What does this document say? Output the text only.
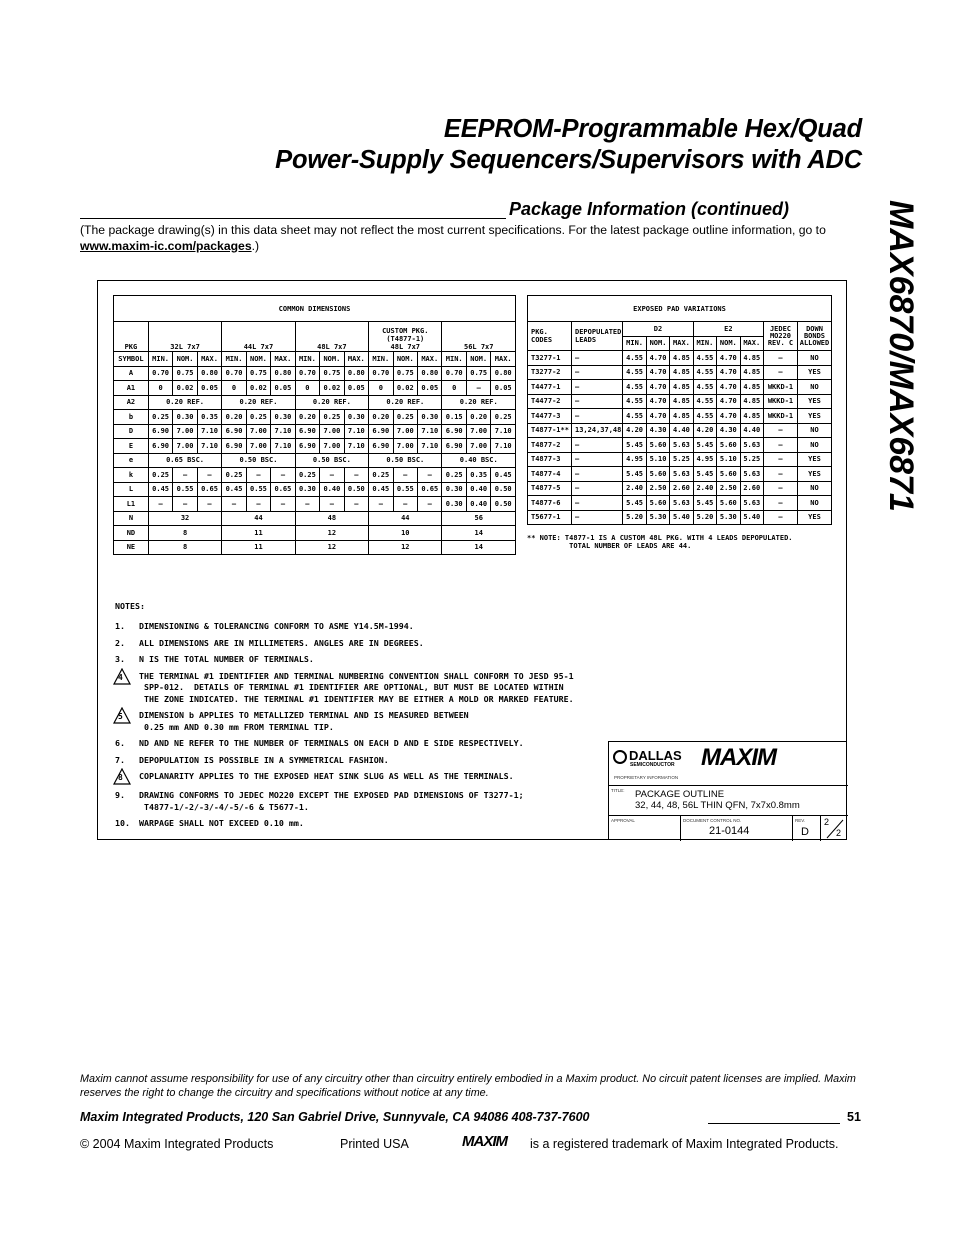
EEPROM-Programmable Hex/Quad
Power-Supply Sequencers/Supervisors with ADC
Package Information (continued)
(The package drawing(s) in this data sheet may not reflect the most current specifications. For the latest package outline information, go to www.maxim-ic.com/packages.)	MAX6870/MAX6871
COMMON DIMENSIONS															
PKG	32L 7x7			44L 7x7			48L 7x7			CUSTOM PKG.
(T4877-1)
48L 7x7			56L 7x7		

SYMBOL	MIN.	NOM.	MAX.	MIN.	NOM.	MAX.	MIN.	NOM.	MAX.	MIN.	NOM.	MAX.	MIN.	NOM.	MAX.
A	0.70	0.75	0.80	0.70	0.75	0.80	0.70	0.75	0.80	0.70	0.75	0.80	0.70	0.75	0.80
A1	0	0.02	0.05	0	0.02	0.05	0	0.02	0.05	0	0.02	0.05	0	–	0.05
A2	0.20 REF.			0.20 REF.			0.20 REF.			0.20 REF.			0.20 REF.		
b	0.25	0.30	0.35	0.20	0.25	0.30	0.20	0.25	0.30	0.20	0.25	0.30	0.15	0.20	0.25
D	6.90	7.00	7.10	6.90	7.00	7.10	6.90	7.00	7.10	6.90	7.00	7.10	6.90	7.00	7.10
E	6.90	7.00	7.10	6.90	7.00	7.10	6.90	7.00	7.10	6.90	7.00	7.10	6.90	7.00	7.10
e	0.65 BSC.			0.50 BSC.			0.50 BSC.			0.50 BSC.			0.40 BSC.		
k	0.25	–	–	0.25	–	–	0.25	–	–	0.25	–	–	0.25	0.35	0.45
L	0.45	0.55	0.65	0.45	0.55	0.65	0.30	0.40	0.50	0.45	0.55	0.65	0.30	0.40	0.50
L1	–	–	–	–	–	–	–	–	–	–	–	–	0.30	0.40	0.50
N	32			44			48			44			56		
ND	8			11			12			10			14		
NE	8			11			12			12			14		
EXPOSED PAD VARIATIONS									
PKG. CODES	DEPOPULATED LEADS	D2			E2			JEDEC MO220 REV. C	DOWN BONDS ALLOWED
		MIN.	NOM.	MAX.	MIN.	NOM.	MAX.		
T3277-1	–	4.55	4.70	4.85	4.55	4.70	4.85	–	NO
T3277-2	–	4.55	4.70	4.85	4.55	4.70	4.85	–	YES
T4477-1	–	4.55	4.70	4.85	4.55	4.70	4.85	WKKD-1	NO
T4477-2	–	4.55	4.70	4.85	4.55	4.70	4.85	WKKD-1	YES
T4477-3	–	4.55	4.70	4.85	4.55	4.70	4.85	WKKD-1	YES
T4877-1**	13,24,37,48	4.20	4.30	4.40	4.20	4.30	4.40	–	NO
T4877-2	–	5.45	5.60	5.63	5.45	5.60	5.63	–	NO
T4877-3	–	4.95	5.10	5.25	4.95	5.10	5.25	–	YES
T4877-4	–	5.45	5.60	5.63	5.45	5.60	5.63	–	YES
T4877-5	–	2.40	2.50	2.60	2.40	2.50	2.60	–	NO
T4877-6	–	5.45	5.60	5.63	5.45	5.60	5.63	–	NO
T5677-1	–	5.20	5.30	5.40	5.20	5.30	5.40	–	YES
** NOTE: T4877-1 IS A CUSTOM 48L PKG. WITH 4 LEADS DEPOPULATED.
TOTAL NUMBER OF LEADS ARE 44.
NOTES:
1.	DIMENSIONING & TOLERANCING CONFORM TO ASME Y14.5M-1994.
2.	ALL DIMENSIONS ARE IN MILLIMETERS. ANGLES ARE IN DEGREES.
3.	N IS THE TOTAL NUMBER OF TERMINALS.
4 THE TERMINAL #1 IDENTIFIER AND TERMINAL NUMBERING CONVENTION SHALL CONFORM TO JESD 95-1
SPP-012.  DETAILS OF TERMINAL #1 IDENTIFIER ARE OPTIONAL, BUT MUST BE LOCATED WITHIN
THE ZONE INDICATED. THE TERMINAL #1 IDENTIFIER MAY BE EITHER A MOLD OR MARKED FEATURE.
5 DIMENSION b APPLIES TO METALLIZED TERMINAL AND IS MEASURED BETWEEN
0.25 mm AND 0.30 mm FROM TERMINAL TIP.
6.	ND AND NE REFER TO THE NUMBER OF TERMINALS ON EACH D AND E SIDE RESPECTIVELY.
7.	DEPOPULATION IS POSSIBLE IN A SYMMETRICAL FASHION.
8 COPLANARITY APPLIES TO THE EXPOSED HEAT SINK SLUG AS WELL AS THE TERMINALS.
9.	DRAWING CONFORMS TO JEDEC MO220 EXCEPT THE EXPOSED PAD DIMENSIONS OF T3277-1;
T4877-1/-2/-3/-4/-5/-6 & T5677-1.
10.	WARPAGE SHALL NOT EXCEED 0.10 mm.
DALLAS
SEMICONDUCTOR MAXIM
PROPRIETARY INFORMATION
TITLE: PACKAGE OUTLINE
32, 44, 48, 56L THIN QFN, 7x7x0.8mm
APPROVAL	DOCUMENT CONTROL NO.
21-0144
REV.
D
2
2
Maxim cannot assume responsibility for use of any circuitry other than circuitry entirely embodied in a Maxim product. No circuit patent licenses are implied. Maxim reserves the right to change the circuitry and specifications without notice at any time.
Maxim Integrated Products, 120 San Gabriel Drive, Sunnyvale, CA 94086 408-737-7600	51
© 2004 Maxim Integrated Products	Printed USA	MAXIM is a registered trademark of Maxim Integrated Products.
